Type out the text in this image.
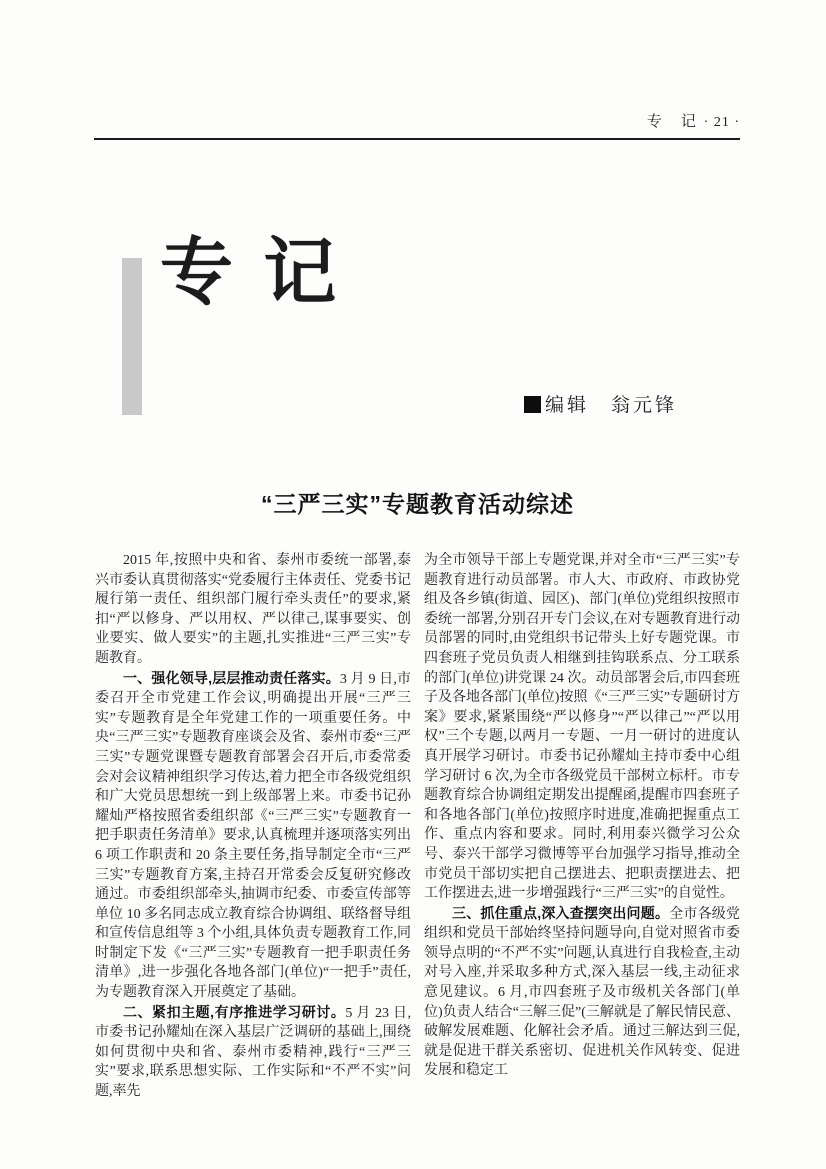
专　记 · 21 ·
专 记
编辑 翁元锋
“三严三实”专题教育活动综述

2015 年,按照中央和省、泰州市委统一部署,泰兴市委认真贯彻落实“党委履行主体责任、党委书记履行第一责任、组织部门履行牵头责任”的要求,紧扣“严以修身、严以用权、严以律己,谋事要实、创业要实、做人要实”的主题,扎实推进“三严三实”专题教育。

一、强化领导,层层推动责任落实。3 月 9 日,市委召开全市党建工作会议,明确提出开展“三严三实”专题教育是全年党建工作的一项重要任务。中央“三严三实”专题教育座谈会及省、泰州市委“三严三实”专题党课暨专题教育部署会召开后,市委常委会对会议精神组织学习传达,着力把全市各级党组织和广大党员思想统一到上级部署上来。市委书记孙耀灿严格按照省委组织部《“三严三实”专题教育一把手职责任务清单》要求,认真梳理并逐项落实列出 6 项工作职责和 20 条主要任务,指导制定全市“三严三实”专题教育方案,主持召开常委会反复研究修改通过。市委组织部牵头,抽调市纪委、市委宣传部等单位 10 多名同志成立教育综合协调组、联络督导组和宣传信息组等 3 个小组,具体负责专题教育工作,同时制定下发《“三严三实”专题教育一把手职责任务清单》,进一步强化各地各部门(单位)“一把手”责任,为专题教育深入开展奠定了基础。

二、紧扣主题,有序推进学习研讨。5 月 23 日,市委书记孙耀灿在深入基层广泛调研的基础上,围绕如何贯彻中央和省、泰州市委精神,践行“三严三实”要求,联系思想实际、工作实际和“不严不实”问题,率先

为全市领导干部上专题党课,并对全市“三严三实”专题教育进行动员部署。市人大、市政府、市政协党组及各乡镇(街道、园区)、部门(单位)党组织按照市委统一部署,分别召开专门会议,在对专题教育进行动员部署的同时,由党组织书记带头上好专题党课。市四套班子党员负责人相继到挂钩联系点、分工联系的部门(单位)讲党课 24 次。动员部署会后,市四套班子及各地各部门(单位)按照《“三严三实”专题研讨方案》要求,紧紧围绕“严以修身”“严以律己”“严以用权”三个专题,以两月一专题、一月一研讨的进度认真开展学习研讨。市委书记孙耀灿主持市委中心组学习研讨 6 次,为全市各级党员干部树立标杆。市专题教育综合协调组定期发出提醒函,提醒市四套班子和各地各部门(单位)按照序时进度,准确把握重点工作、重点内容和要求。同时,利用泰兴微学习公众号、泰兴干部学习微博等平台加强学习指导,推动全市党员干部切实把自己摆进去、把职责摆进去、把工作摆进去,进一步增强践行“三严三实”的自觉性。

三、抓住重点,深入查摆突出问题。全市各级党组织和党员干部始终坚持问题导向,自觉对照省市委领导点明的“不严不实”问题,认真进行自我检查,主动对号入座,并采取多种方式,深入基层一线,主动征求意见建议。6 月,市四套班子及市级机关各部门(单位)负责人结合“三解三促”(三解就是了解民情民意、破解发展难题、化解社会矛盾。通过三解达到三促,就是促进干群关系密切、促进机关作风转变、促进发展和稳定工
